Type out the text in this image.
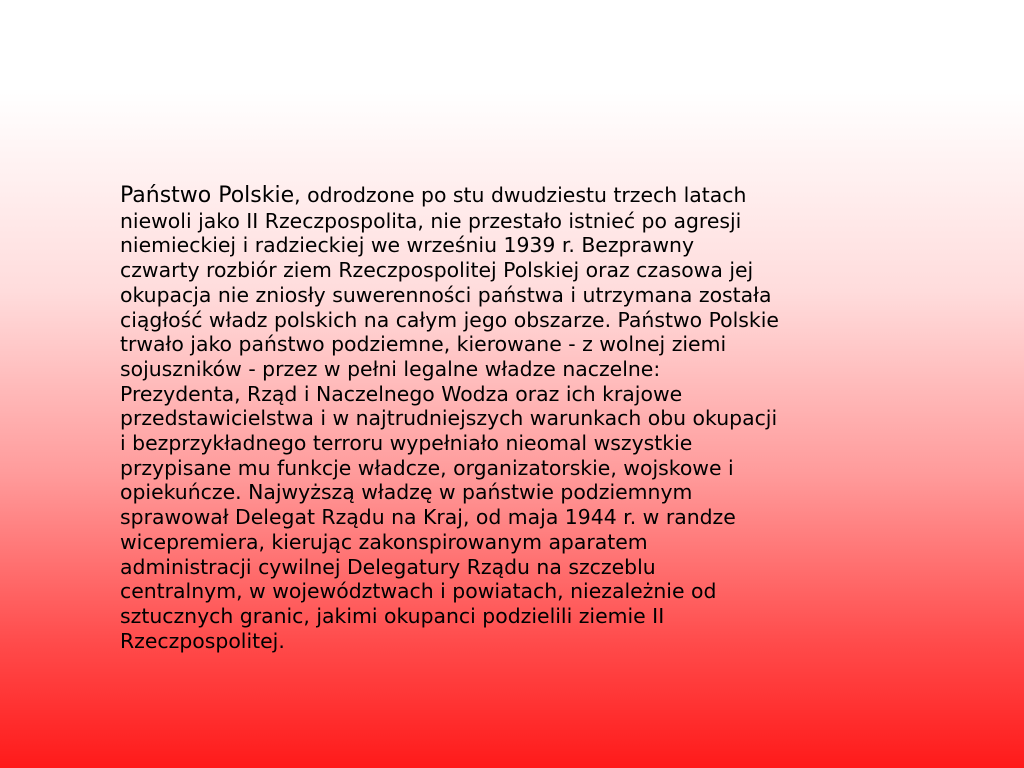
Państwo Polskie, odrodzone po stu dwudziestu trzech latach
niewoli jako II Rzeczpospolita, nie przestało istnieć po agresji
niemieckiej i radzieckiej we wrześniu 1939 r. Bezprawny
czwarty rozbiór ziem Rzeczpospolitej Polskiej oraz czasowa jej
okupacja nie zniosły suwerenności państwa i utrzymana została
ciągłość władz polskich na całym jego obszarze. Państwo Polskie
trwało jako państwo podziemne, kierowane - z wolnej ziemi
sojuszników - przez w pełni legalne władze naczelne:
Prezydenta, Rząd i Naczelnego Wodza oraz ich krajowe
przedstawicielstwa i w najtrudniejszych warunkach obu okupacji
i bezprzykładnego terroru wypełniało nieomal wszystkie
przypisane mu funkcje władcze, organizatorskie, wojskowe i
opiekuńcze. Najwyższą władzę w państwie podziemnym
sprawował Delegat Rządu na Kraj, od maja 1944 r. w randze
wicepremiera, kierując zakonspirowanym aparatem
administracji cywilnej Delegatury Rządu na szczeblu
centralnym, w województwach i powiatach, niezależnie od
sztucznych granic, jakimi okupanci podzielili ziemie II
Rzeczpospolitej.
